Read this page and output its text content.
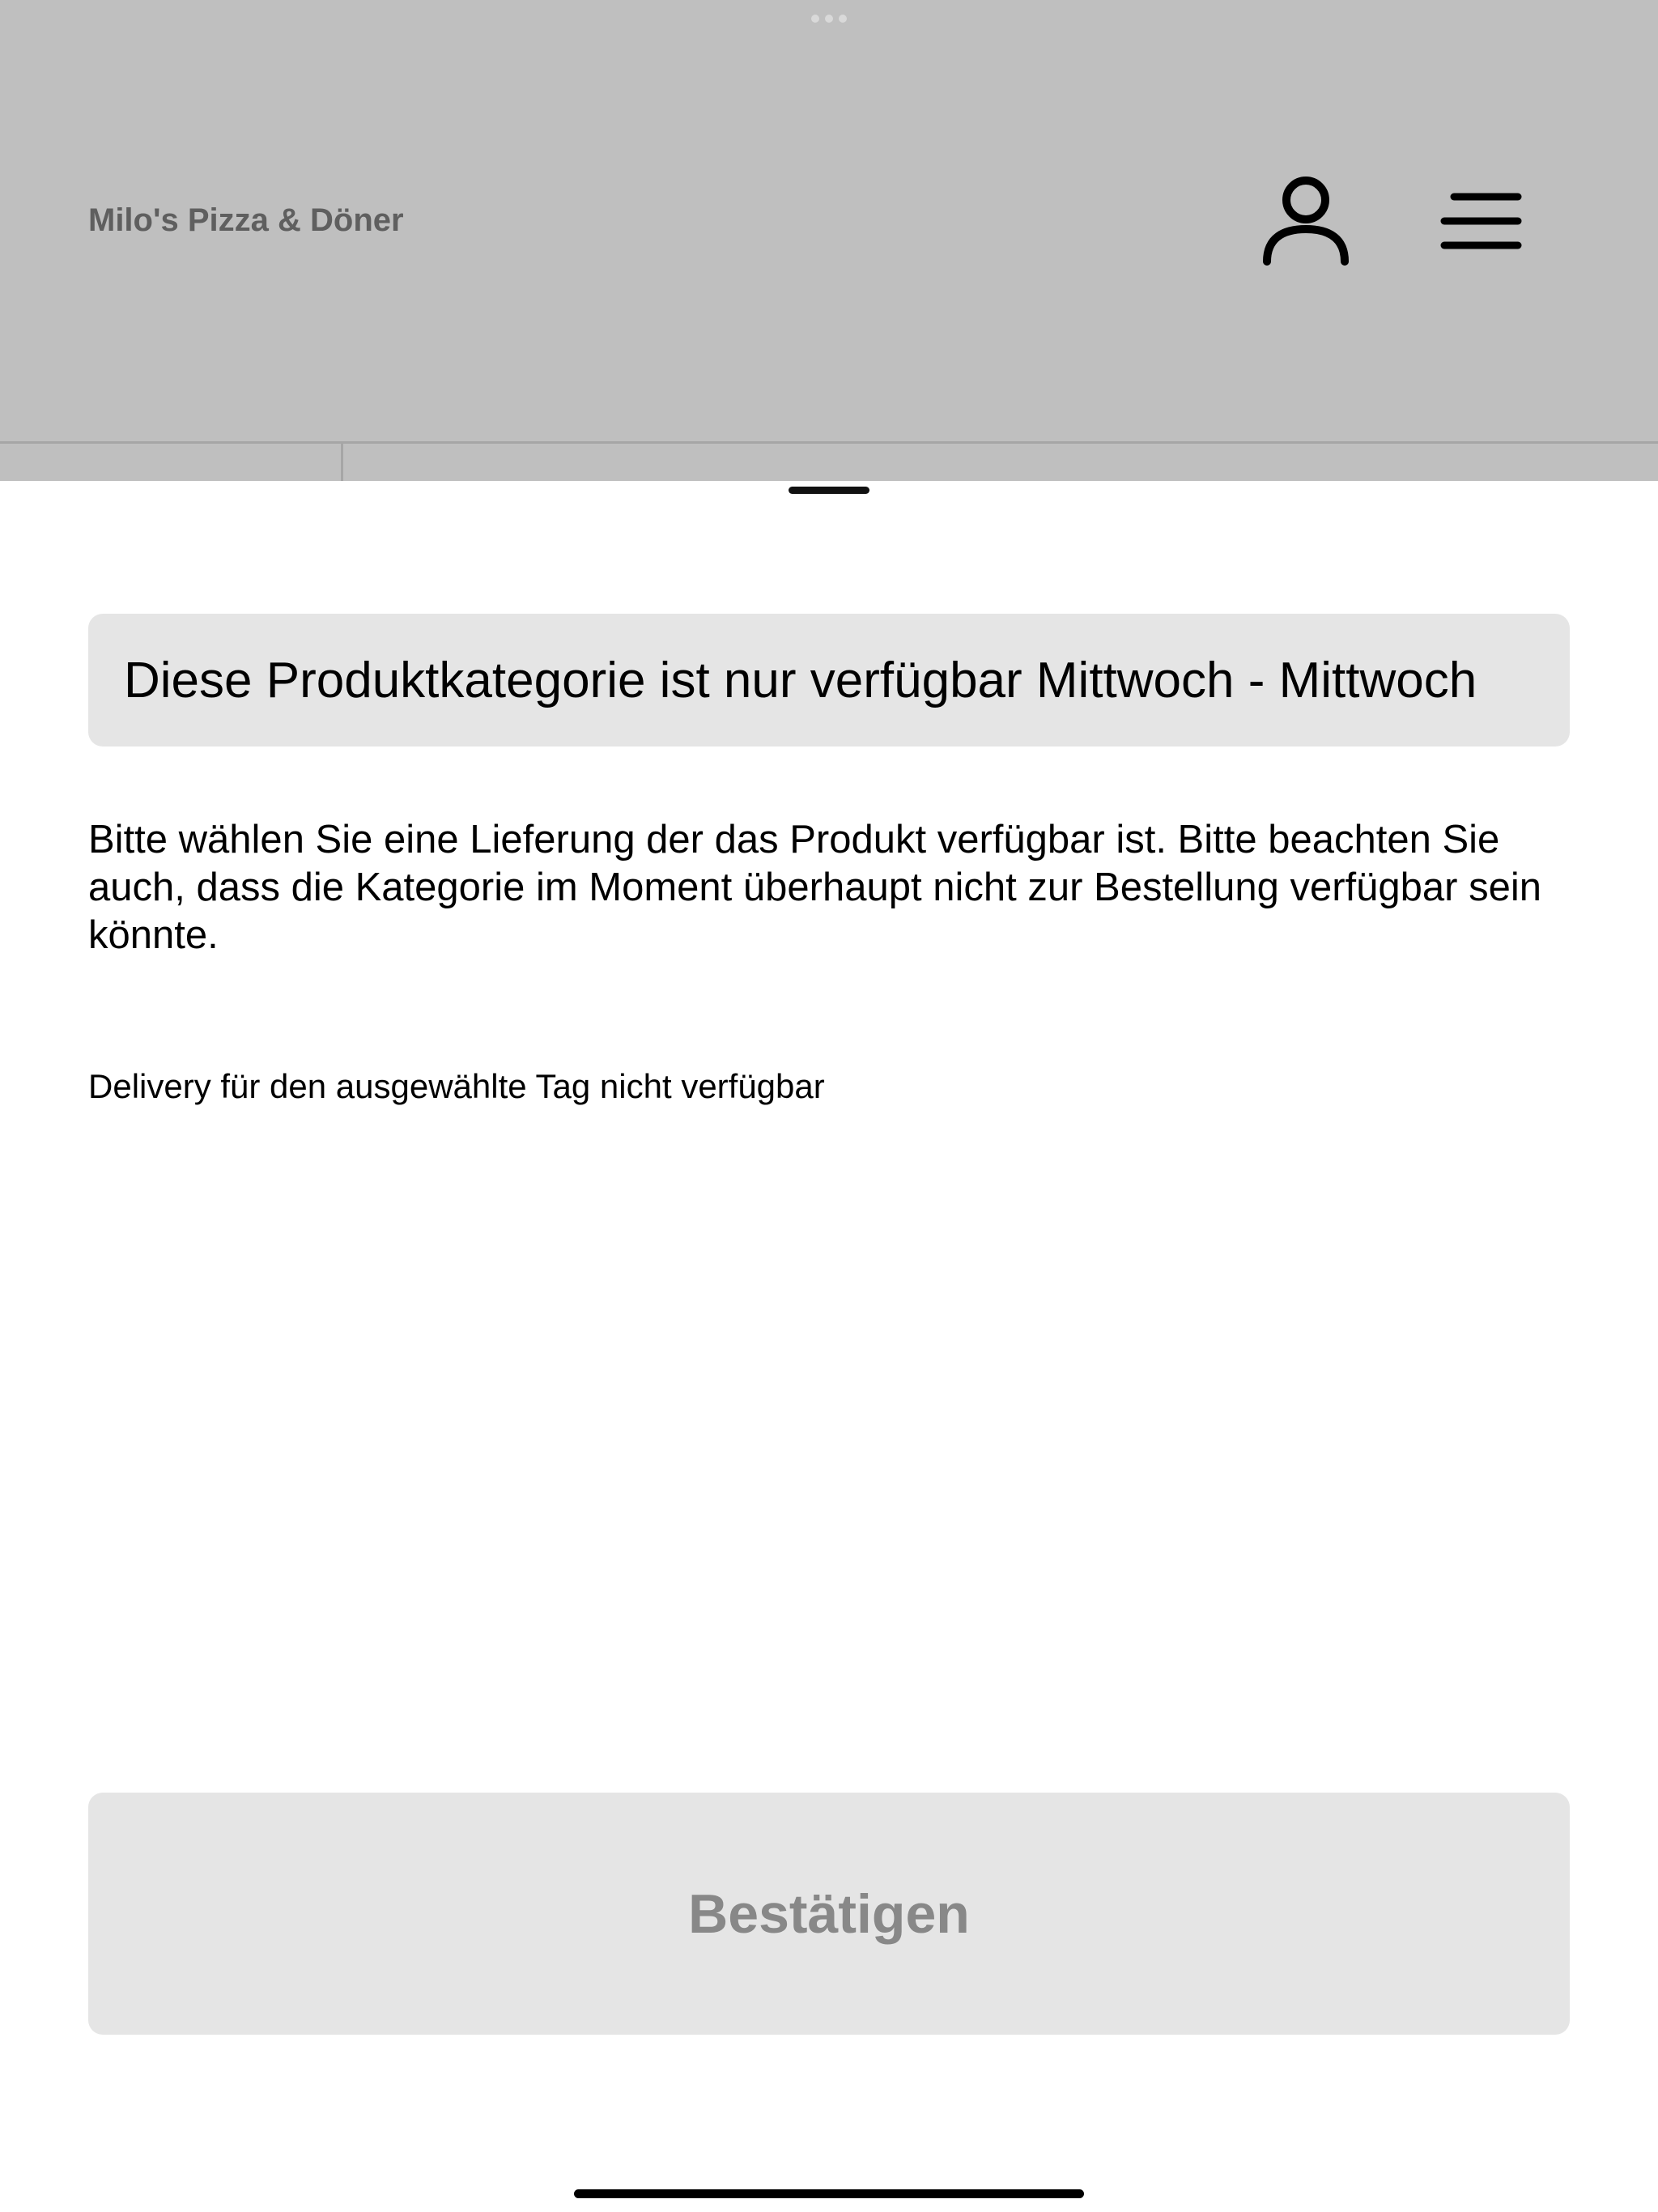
Milo's Pizza & Döner
Diese Produktkategorie ist nur verfügbar Mittwoch - Mittwoch
Bitte wählen Sie eine Lieferung der das Produkt verfügbar ist. Bitte beachten Sie auch, dass die Kategorie im Moment überhaupt nicht zur Bestellung verfügbar sein könnte.
Delivery für den ausgewählte Tag nicht verfügbar
Bestätigen
